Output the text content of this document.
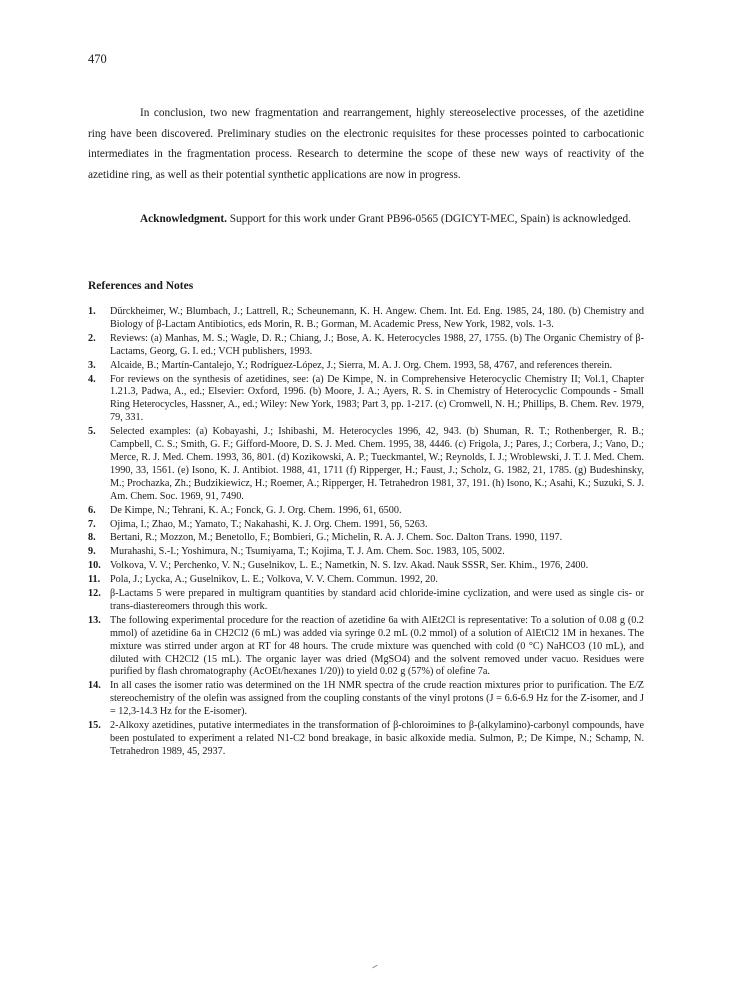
470

In conclusion, two new fragmentation and rearrangement, highly stereoselective processes, of the azetidine ring have been discovered. Preliminary studies on the electronic requisites for these processes pointed to carbocationic intermediates in the fragmentation process. Research to determine the scope of these new ways of reactivity of the azetidine ring, as well as their potential synthetic applications are now in progress.

Acknowledgment. Support for this work under Grant PB96-0565 (DGICYT-MEC, Spain) is acknowledged.

References and Notes
1.	Dürckheimer, W.; Blumbach, J.; Lattrell, R.; Scheunemann, K. H. Angew. Chem. Int. Ed. Eng. 1985, 24, 180. (b) Chemistry and Biology of β-Lactam Antibiotics, eds Morin, R. B.; Gorman, M. Academic Press, New York, 1982, vols. 1-3.
2.	Reviews: (a) Manhas, M. S.; Wagle, D. R.; Chiang, J.; Bose, A. K. Heterocycles 1988, 27, 1755. (b) The Organic Chemistry of β-Lactams, Georg, G. I. ed.; VCH publishers, 1993.
3.	Alcaide, B.; Martín-Cantalejo, Y.; Rodríguez-López, J.; Sierra, M. A. J. Org. Chem. 1993, 58, 4767, and references therein.
4.	For reviews on the synthesis of azetidines, see: (a) De Kimpe, N. in Comprehensive Heterocyclic Chemistry II; Vol.1, Chapter 1.21.3, Padwa, A., ed.; Elsevier: Oxford, 1996. (b) Moore, J. A.; Ayers, R. S. in Chemistry of Heterocyclic Compounds - Small Ring Heterocycles, Hassner, A., ed.; Wiley: New York, 1983; Part 3, pp. 1-217. (c) Cromwell, N. H.; Phillips, B. Chem. Rev. 1979, 79, 331.
5.	Selected examples: (a) Kobayashi, J.; Ishibashi, M. Heterocycles 1996, 42, 943. (b) Shuman, R. T.; Rothenberger, R. B.; Campbell, C. S.; Smith, G. F.; Gifford-Moore, D. S. J. Med. Chem. 1995, 38, 4446. (c) Frigola, J.; Pares, J.; Corbera, J.; Vano, D.; Merce, R. J. Med. Chem. 1993, 36, 801. (d) Kozikowski, A. P.; Tueckmantel, W.; Reynolds, I. J.; Wroblewski, J. T. J. Med. Chem. 1990, 33, 1561. (e) Isono, K. J. Antibiot. 1988, 41, 1711 (f) Ripperger, H.; Faust, J.; Scholz, G. 1982, 21, 1785. (g) Budeshinsky, M.; Prochazka, Zh.; Budzikiewicz, H.; Roemer, A.; Ripperger, H. Tetrahedron 1981, 37, 191. (h) Isono, K.; Asahi, K.; Suzuki, S. J. Am. Chem. Soc. 1969, 91, 7490.
6.	De Kimpe, N.; Tehrani, K. A.; Fonck, G. J. Org. Chem. 1996, 61, 6500.
7.	Ojima, I.; Zhao, M.; Yamato, T.; Nakahashi, K. J. Org. Chem. 1991, 56, 5263.
8.	Bertani, R.; Mozzon, M.; Benetollo, F.; Bombieri, G.; Michelin, R. A. J. Chem. Soc. Dalton Trans. 1990, 1197.
9.	Murahashi, S.-I.; Yoshimura, N.; Tsumiyama, T.; Kojima, T. J. Am. Chem. Soc. 1983, 105, 5002.
10. Volkova, V. V.; Perchenko, V. N.; Guselnikov, L. E.; Nametkin, N. S. Izv. Akad. Nauk SSSR, Ser. Khim., 1976, 2400.
11. Pola, J.; Lycka, A.; Guselnikov, L. E.; Volkova, V. V. Chem. Commun. 1992, 20.
12. β-Lactams 5 were prepared in multigram quantities by standard acid chloride-imine cyclization, and were used as single cis- or trans-diastereomers through this work.
13. The following experimental procedure for the reaction of azetidine 6a with AlEt2Cl is representative: To a solution of 0.08 g (0.2 mmol) of azetidine 6a in CH2Cl2 (6 mL) was added via syringe 0.2 mL (0.2 mmol) of a solution of AlEtCl2 1M in hexanes. The mixture was stirred under argon at RT for 48 hours. The crude mixture was quenched with cold (0 °C) NaHCO3 (10 mL), and diluted with CH2Cl2 (15 mL). The organic layer was dried (MgSO4) and the solvent removed under vacuo. Residues were purified by flash chromatography (AcOEt/hexanes 1/20)) to yield 0.02 g (57%) of olefine 7a.
14. In all cases the isomer ratio was determined on the 1H NMR spectra of the crude reaction mixtures prior to purification. The E/Z stereochemistry of the olefin was assigned from the coupling constants of the vinyl protons (J = 6.6-6.9 Hz for the Z-isomer, and J = 12,3-14.3 Hz for the E-isomer).
15. 2-Alkoxy azetidines, putative intermediates in the transformation of β-chloroimines to β-(alkylamino)-carbonyl compounds, have been postulated to experiment a related N1-C2 bond breakage, in basic alkoxide media. Sulmon, P.; De Kimpe, N.; Schamp, N. Tetrahedron 1989, 45, 2937.
